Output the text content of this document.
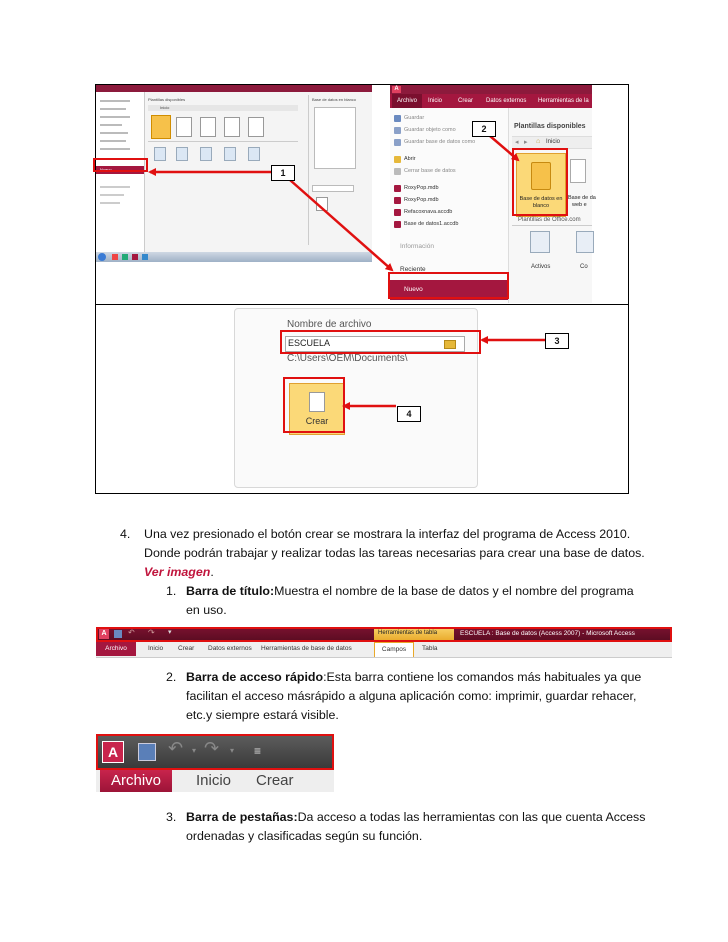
Nuevo
Plantillas disponibles
Inicio
Base de datos en blanco
A
Archivo	Inicio	Crear Datos externos Herramientas de la
Guardar
Guardar objeto como
Guardar base de datos como
Abrir
Cerrar base de datos
RoxyPop.mdb
RoxyPop.mdb
Refacoxnava.accdb
Base de datos1.accdb
Información
Reciente
Nuevo
Plantillas disponibles
◂ ▸ ⌂ Inicio
Base de datos en
blanco
Base de da
web e
Plantillas de Office.com
Activos	Co
Nombre de archivo
ESCUELA
C:\Users\OEM\Documents\
Crear
1
2
3
4
4. Una vez presionado el botón crear se mostrara la interfaz del programa de Access 2010.
Donde podrán trabajar y realizar todas las tareas necesarias para crear una base de datos.
Ver imagen.
1. Barra de título:Muestra el nombre de la base de datos y el nombre del programa
en uso.
A	↶ ↷ ▾	Herramientas de tabla	ESCUELA : Base de datos (Access 2007) - Microsoft Access
Archivo	Inicio Crear Datos externos Herramientas de base de datos	Campos	Tabla
2. Barra de acceso rápido:Esta barra contiene los comandos más habituales ya que
facilitan el acceso másrápido a alguna aplicación como: imprimir, guardar rehacer,
etc.y siempre estará visible.
A	↶ ▾ ↷ ▾ ≡
Archivo	Inicio Crear
3. Barra de pestañas:Da acceso a todas las herramientas con las que cuenta Access
ordenadas y clasificadas según su función.
